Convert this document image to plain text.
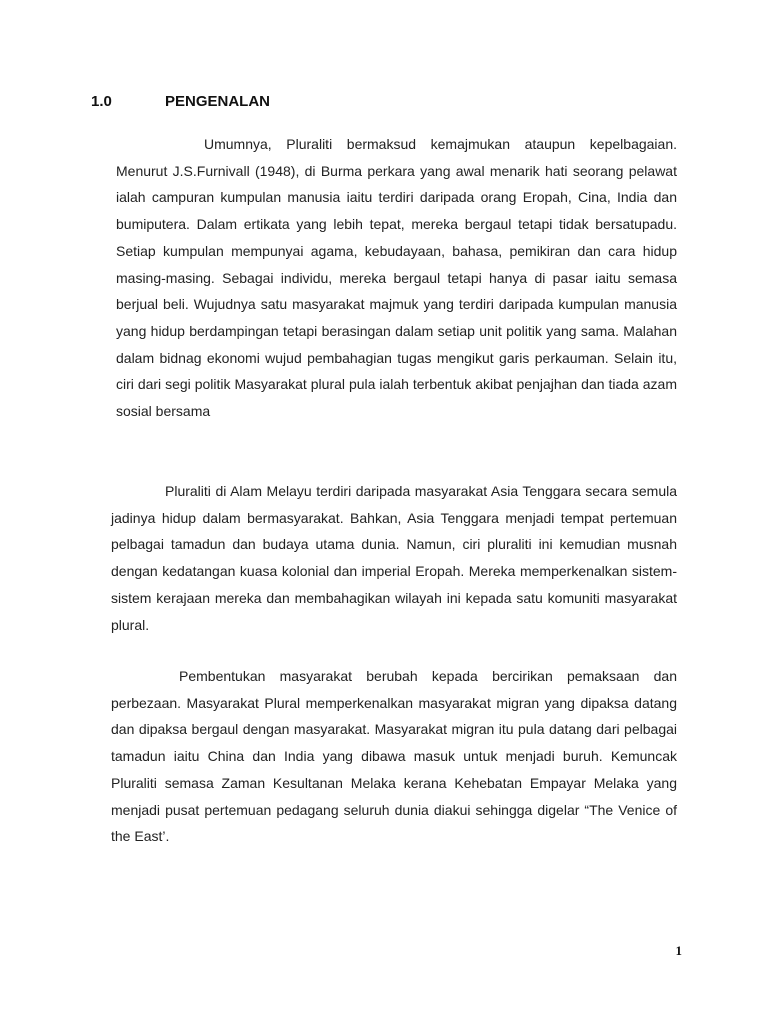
1.0	PENGENALAN

Umumnya, Pluraliti bermaksud kemajmukan ataupun kepelbagaian. Menurut J.S.Furnivall (1948), di Burma perkara yang awal menarik hati seorang pelawat ialah campuran kumpulan manusia iaitu terdiri daripada orang Eropah, Cina, India dan bumiputera. Dalam ertikata yang lebih tepat, mereka bergaul tetapi tidak bersatupadu. Setiap kumpulan mempunyai agama, kebudayaan, bahasa, pemikiran dan cara hidup masing-masing. Sebagai individu, mereka bergaul tetapi hanya di pasar iaitu semasa berjual beli. Wujudnya satu masyarakat majmuk yang terdiri daripada kumpulan manusia yang hidup berdampingan tetapi berasingan dalam setiap unit politik yang sama. Malahan dalam bidnag ekonomi wujud pembahagian tugas mengikut garis perkauman. Selain itu, ciri dari segi politik Masyarakat plural pula ialah terbentuk akibat penjajhan dan tiada azam sosial bersama

Pluraliti di Alam Melayu terdiri daripada masyarakat Asia Tenggara secara semula jadinya hidup dalam bermasyarakat. Bahkan, Asia Tenggara menjadi tempat pertemuan pelbagai tamadun dan budaya utama dunia. Namun, ciri pluraliti ini kemudian musnah dengan kedatangan kuasa kolonial dan imperial Eropah. Mereka memperkenalkan sistem-sistem kerajaan mereka dan membahagikan wilayah ini kepada satu komuniti masyarakat plural.

Pembentukan masyarakat berubah kepada bercirikan pemaksaan dan perbezaan. Masyarakat Plural memperkenalkan masyarakat migran yang dipaksa datang dan dipaksa bergaul dengan masyarakat. Masyarakat migran itu pula datang dari pelbagai tamadun iaitu China dan India yang dibawa masuk untuk menjadi buruh. Kemuncak Pluraliti semasa Zaman Kesultanan Melaka kerana Kehebatan Empayar Melaka yang menjadi pusat pertemuan pedagang seluruh dunia diakui sehingga digelar “The Venice of the East’.

1
